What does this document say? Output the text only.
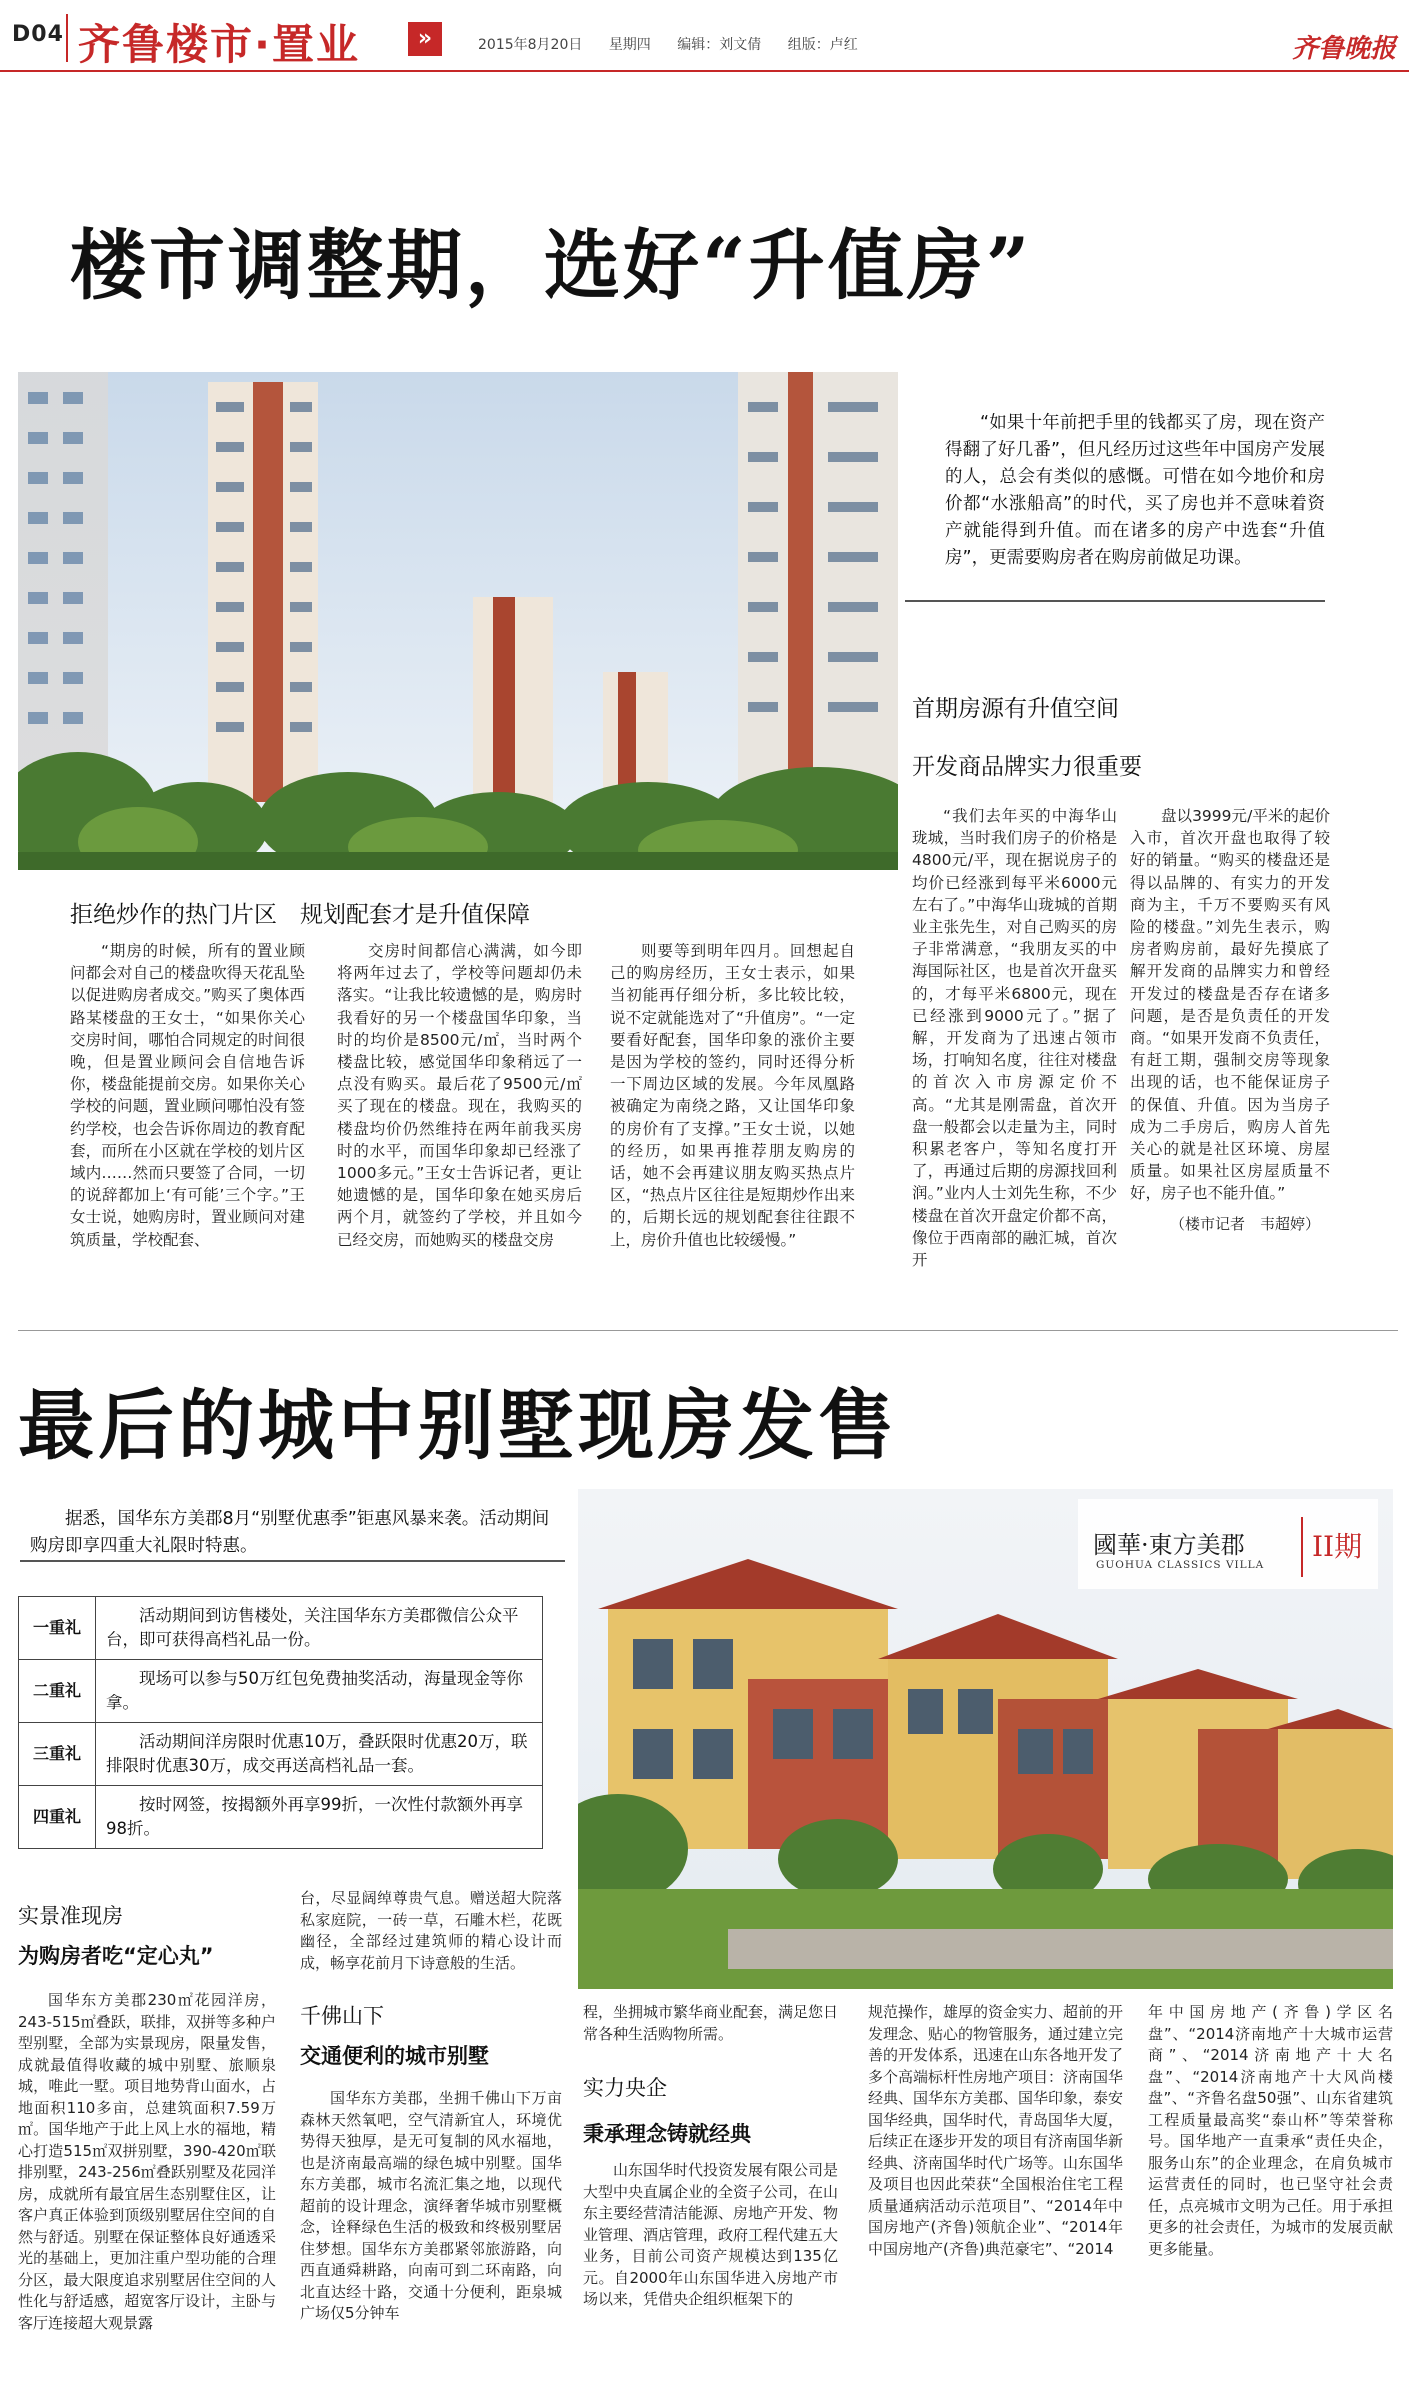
D04 齐鲁楼市·置业	»	2015年8月20日 星期四 编辑：刘文倩 组版：卢红	齐鲁晚报
楼市调整期，选好“升值房”
“如果十年前把手里的钱都买了房，现在资产得翻了好几番”，但凡经历过这些年中国房产发展的人，总会有类似的感慨。可惜在如今地价和房价都“水涨船高”的时代，买了房也并不意味着资产就能得到升值。而在诸多的房产中选套“升值房”，更需要购房者在购房前做足功课。
首期房源有升值空间
开发商品牌实力很重要
拒绝炒作的热门片区　规划配套才是升值保障

“期房的时候，所有的置业顾问都会对自己的楼盘吹得天花乱坠以促进购房者成交。”购买了奥体西路某楼盘的王女士，“如果你关心交房时间，哪怕合同规定的时间很晚，但是置业顾问会自信地告诉你，楼盘能提前交房。如果你关心学校的问题，置业顾问哪怕没有签约学校，也会告诉你周边的教育配套，而所在小区就在学校的划片区域内……然而只要签了合同，一切的说辞都加上‘有可能’三个字。”王女士说，她购房时，置业顾问对建筑质量，学校配套、

交房时间都信心满满，如今即将两年过去了，学校等问题却仍未落实。“让我比较遗憾的是，购房时我看好的另一个楼盘国华印象，当时的均价是8500元/㎡，当时两个楼盘比较，感觉国华印象稍远了一点没有购买。最后花了9500元/㎡买了现在的楼盘。现在，我购买的楼盘均价仍然维持在两年前我买房时的水平，而国华印象却已经涨了1000多元。”王女士告诉记者，更让她遗憾的是，国华印象在她买房后两个月，就签约了学校，并且如今已经交房，而她购买的楼盘交房

则要等到明年四月。回想起自己的购房经历，王女士表示，如果当初能再仔细分析，多比较比较，说不定就能选对了“升值房”。“一定要看好配套，国华印象的涨价主要是因为学校的签约，同时还得分析一下周边区域的发展。今年凤凰路被确定为南绕之路，又让国华印象的房价有了支撑。”王女士说，以她的经历，如果再推荐朋友购房的话，她不会再建议朋友购买热点片区，“热点片区往往是短期炒作出来的，后期长远的规划配套往往跟不上，房价升值也比较缓慢。”

“我们去年买的中海华山珑城，当时我们房子的价格是4800元/平，现在据说房子的均价已经涨到每平米6000元左右了。”中海华山珑城的首期业主张先生，对自己购买的房子非常满意，“我朋友买的中海国际社区，也是首次开盘买的，才每平米6800元，现在已经涨到9000元了。”据了解，开发商为了迅速占领市场，打响知名度，往往对楼盘的首次入市房源定价不高。“尤其是刚需盘，首次开盘一般都会以走量为主，同时积累老客户，等知名度打开了，再通过后期的房源找回利润。”业内人士刘先生称，不少楼盘在首次开盘定价都不高，像位于西南部的融汇城，首次开

盘以3999元/平米的起价入市，首次开盘也取得了较好的销量。“购买的楼盘还是得以品牌的、有实力的开发商为主，千万不要购买有风险的楼盘。”刘先生表示，购房者购房前，最好先摸底了解开发商的品牌实力和曾经开发过的楼盘是否存在诸多问题，是否是负责任的开发商。“如果开发商不负责任，有赶工期，强制交房等现象出现的话，也不能保证房子的保值、升值。因为当房子成为二手房后，购房人首先关心的就是社区环境、房屋质量。如果社区房屋质量不好，房子也不能升值。”

（楼市记者　韦超婷）
最后的城中别墅现房发售
据悉，国华东方美郡8月“别墅优惠季”钜惠风暴来袭。活动期间购房即享四重大礼限时特惠。
一重礼	活动期间到访售楼处，关注国华东方美郡微信公众平台，即可获得高档礼品一份。
二重礼	现场可以参与50万红包免费抽奖活动，海量现金等你拿。
三重礼	活动期间洋房限时优惠10万，叠跃限时优惠20万，联排限时优惠30万，成交再送高档礼品一套。
四重礼	按时网签，按揭额外再享99折，一次性付款额外再享98折。
國華·東方美郡
GUOHUA CLASSICS VILLA
II期
实景准现房
为购房者吃“定心丸”

国华东方美郡230㎡花园洋房，243-515㎡叠跃，联排，双拼等多种户型别墅，全部为实景现房，限量发售，成就最值得收藏的城中别墅、旅顺泉城，唯此一墅。项目地势背山面水，占地面积110多亩，总建筑面积7.59万㎡。国华地产于此上风上水的福地，精心打造515㎡双拼别墅，390-420㎡联排别墅，243-256㎡叠跃别墅及花园洋房，成就所有最宜居生态别墅住区，让客户真正体验到顶级别墅居住空间的自然与舒适。别墅在保证整体良好通透采光的基础上，更加注重户型功能的合理分区，最大限度追求别墅居住空间的人性化与舒适感，超宽客厅设计，主卧与客厅连接超大观景露

台，尽显阔绰尊贵气息。赠送超大院落私家庭院，一砖一草，石雕木栏，花既幽径，全部经过建筑师的精心设计而成，畅享花前月下诗意般的生活。

千佛山下
交通便利的城市别墅

国华东方美郡，坐拥千佛山下万亩森林天然氧吧，空气清新宜人，环境优势得天独厚，是无可复制的风水福地，也是济南最高端的绿色城中别墅。国华东方美郡，城市名流汇集之地，以现代超前的设计理念，演绎奢华城市别墅概念，诠释绿色生活的极致和终极别墅居住梦想。国华东方美郡紧邻旅游路，向西直通舜耕路，向南可到二环南路，向北直达经十路，交通十分便利，距泉城广场仅5分钟车

程，坐拥城市繁华商业配套，满足您日常各种生活购物所需。

实力央企
秉承理念铸就经典

山东国华时代投资发展有限公司是大型中央直属企业的全资子公司，在山东主要经营清洁能源、房地产开发、物业管理、酒店管理，政府工程代建五大业务，目前公司资产规模达到135亿元。自2000年山东国华进入房地产市场以来，凭借央企组织框架下的

规范操作，雄厚的资金实力、超前的开发理念、贴心的物管服务，通过建立完善的开发体系，迅速在山东各地开发了多个高端标杆性房地产项目：济南国华经典、国华东方美郡、国华印象，泰安国华经典，国华时代，青岛国华大厦，后续正在逐步开发的项目有济南国华新经典、济南国华时代广场等。山东国华及项目也因此荣获“全国根治住宅工程质量通病活动示范项目”、“2014年中国房地产(齐鲁)领航企业”、“2014年中国房地产(齐鲁)典范豪宅”、“2014

年中国房地产(齐鲁)学区名盘”、“2014济南地产十大城市运营商”、“2014济南地产十大名盘”、“2014济南地产十大风尚楼盘”、“齐鲁名盘50强”、山东省建筑工程质量最高奖“泰山杯”等荣誉称号。国华地产一直秉承“责任央企，服务山东”的企业理念，在肩负城市运营责任的同时，也已坚守社会责任，点亮城市文明为己任。用于承担更多的社会责任，为城市的发展贡献更多能量。
